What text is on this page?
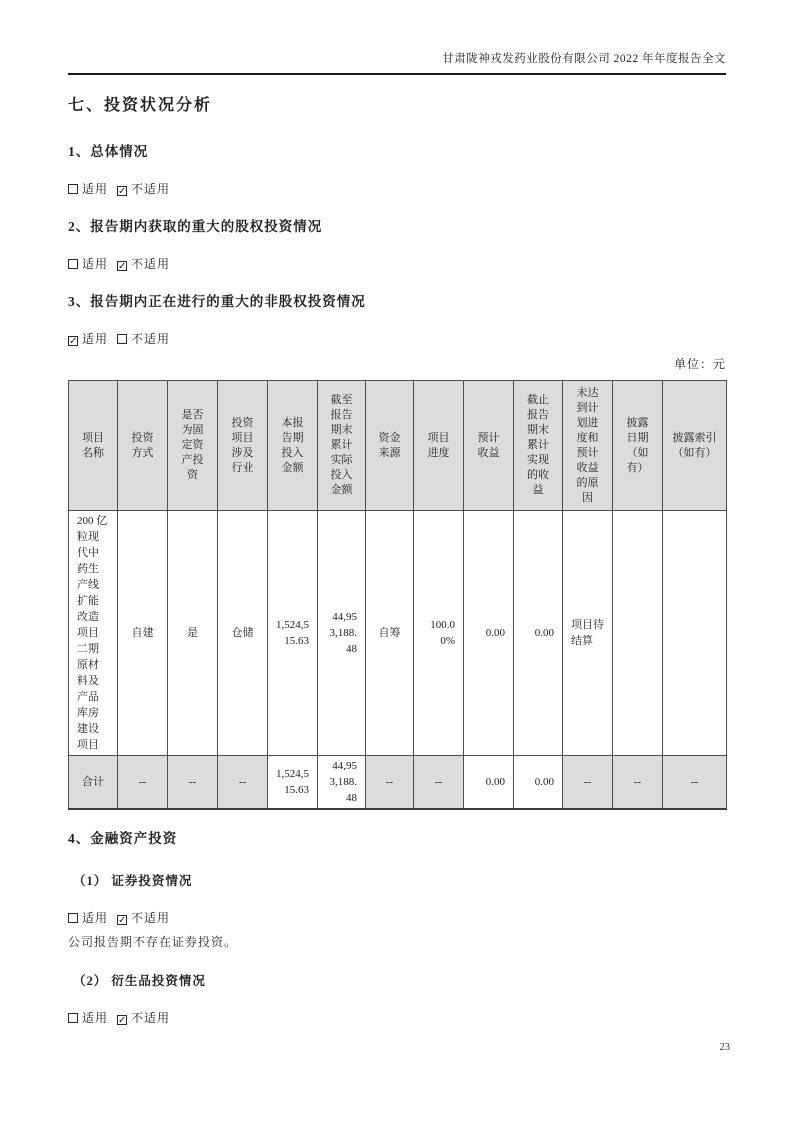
甘肃陇神戎发药业股份有限公司 2022 年年度报告全文
七、投资状况分析
1、总体情况
适用 ✓ 不适用
2、报告期内获取的重大的股权投资情况
适用 ✓ 不适用
3、报告期内正在进行的重大的非股权投资情况
✓ 适用 不适用
单位：元
项目名称	投资方式	是否为固定资产投资	投资项目涉及行业	本报告期投入金额	截至报告期末累计实际投入金额	资金来源	项目进度	预计收益	截止报告期末累计实现的收益	未达到计划进度和预计收益的原因	披露日期（如有）	披露索引（如有）
200 亿粒现代中药生产线扩能改造项目二期原材料及产品库房建设项目	自建	是	仓储	1,524,515.63	44,953,188.48	自筹	100.00%	0.00	0.00	项目待结算		
合计	--	--	--	1,524,515.63	44,953,188.48	--	--	0.00	0.00	--	--	--
4、金融资产投资
（1） 证券投资情况
适用 ✓ 不适用
公司报告期不存在证券投资。
（2） 衍生品投资情况
适用 ✓ 不适用
23
